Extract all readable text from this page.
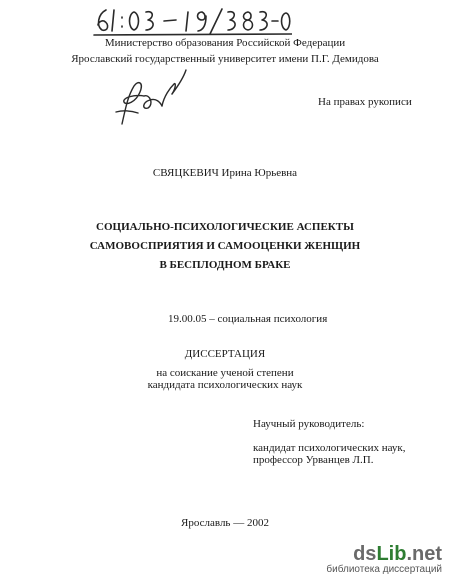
Министерство образования Российской Федерации
Ярославский государственный университет имени П.Г. Демидова
На правах рукописи
СВЯЦКЕВИЧ Ирина Юрьевна
СОЦИАЛЬНО-ПСИХОЛОГИЧЕСКИЕ АСПЕКТЫ
САМОВОСПРИЯТИЯ И САМООЦЕНКИ ЖЕНЩИН
В БЕСПЛОДНОМ БРАКЕ
19.00.05 – социальная психология
ДИССЕРТАЦИЯ
на соискание ученой степени
кандидата психологических наук
Научный руководитель:
кандидат психологических наук,
профессор Урванцев Л.П.
Ярославль — 2002
dsLib.net
библиотека диссертаций
